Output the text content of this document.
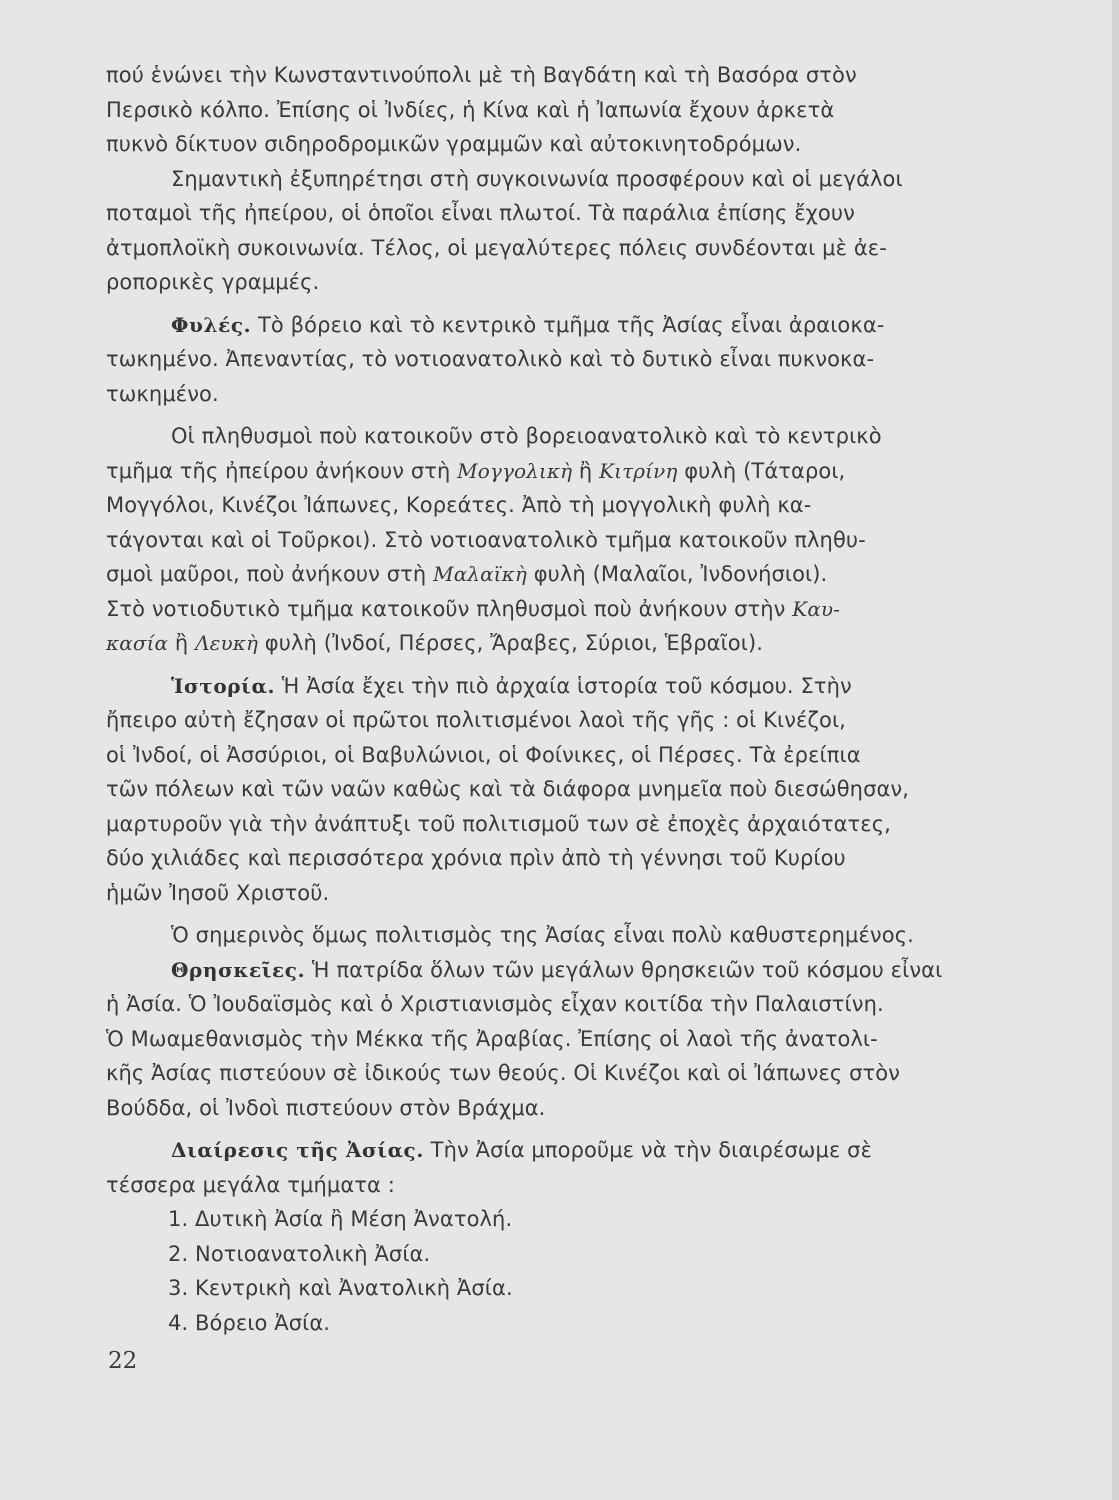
πού ἑνώνει τὴν Κωνσταντινούπολι μὲ τὴ Βαγδάτη καὶ τὴ Βασόρα στὸν
Περσικὸ κόλπο. Ἐπίσης οἱ Ἰνδίες, ἡ Κίνα καὶ ἡ Ἰαπωνία ἔχουν ἀρκετὰ
πυκνὸ δίκτυον σιδηροδρομικῶν γραμμῶν καὶ αὐτοκινητοδρόμων.
Σημαντικὴ ἐξυπηρέτησι στὴ συγκοινωνία προσφέρουν καὶ οἱ μεγάλοι
ποταμοὶ τῆς ἠπείρου, οἱ ὁποῖοι εἶναι πλωτοί. Τὰ παράλια ἐπίσης ἔχουν
ἀτμοπλοϊκὴ συκοινωνία. Τέλος, οἱ μεγαλύτερες πόλεις συνδέονται μὲ ἀε-
ροπορικὲς γραμμές.
Φυλές. Τὸ βόρειο καὶ τὸ κεντρικὸ τμῆμα τῆς Ἀσίας εἶναι ἀραιοκα-
τωκημένο. Ἀπεναντίας, τὸ νοτιοανατολικὸ καὶ τὸ δυτικὸ εἶναι πυκνοκα-
τωκημένο.
Οἱ πληθυσμοὶ ποὺ κατοικοῦν στὸ βορειοανατολικὸ καὶ τὸ κεντρικὸ
τμῆμα τῆς ἠπείρου ἀνήκουν στὴ Μογγολικὴ ἢ Κιτρίνη φυλὴ (Τάταροι,
Μογγόλοι, Κινέζοι Ἰάπωνες, Κορεάτες. Ἀπὸ τὴ μογγολικὴ φυλὴ κα-
τάγονται καὶ οἱ Τοῦρκοι). Στὸ νοτιοανατολικὸ τμῆμα κατοικοῦν πληθυ-
σμοὶ μαῦροι, ποὺ ἀνήκουν στὴ Μαλαϊκὴ φυλὴ (Μαλαῖοι, Ἰνδονήσιοι).
Στὸ νοτιοδυτικὸ τμῆμα κατοικοῦν πληθυσμοὶ ποὺ ἀνήκουν στὴν Καυ-
κασία ἢ Λευκὴ φυλὴ (Ἰνδοί, Πέρσες, Ἄραβες, Σύριοι, Ἑβραῖοι).
Ἱστορία. Ἡ Ἀσία ἔχει τὴν πιὸ ἀρχαία ἱστορία τοῦ κόσμου. Στὴν
ἤπειρο αὐτὴ ἔζησαν οἱ πρῶτοι πολιτισμένοι λαοὶ τῆς γῆς : οἱ Κινέζοι,
οἱ Ἰνδοί, οἱ Ἀσσύριοι, οἱ Βαβυλώνιοι, οἱ Φοίνικες, οἱ Πέρσες. Τὰ ἐρείπια
τῶν πόλεων καὶ τῶν ναῶν καθὼς καὶ τὰ διάφορα μνημεῖα ποὺ διεσώθησαν,
μαρτυροῦν γιὰ τὴν ἀνάπτυξι τοῦ πολιτισμοῦ των σὲ ἐποχὲς ἀρχαιότατες,
δύο χιλιάδες καὶ περισσότερα χρόνια πρὶν ἀπὸ τὴ γέννησι τοῦ Κυρίου
ἡμῶν Ἰησοῦ Χριστοῦ.
Ὁ σημερινὸς ὅμως πολιτισμὸς της Ἀσίας εἶναι πολὺ καθυστερημένος.
Θρησκεῖες. Ἡ πατρίδα ὅλων τῶν μεγάλων θρησκειῶν τοῦ κόσμου εἶναι
ἡ Ἀσία. Ὁ Ἰουδαϊσμὸς καὶ ὁ Χριστιανισμὸς εἶχαν κοιτίδα τὴν Παλαιστίνη.
Ὁ Μωαμεθανισμὸς τὴν Μέκκα τῆς Ἀραβίας. Ἐπίσης οἱ λαοὶ τῆς ἀνατολι-
κῆς Ἀσίας πιστεύουν σὲ ἰδικούς των θεούς. Οἱ Κινέζοι καὶ οἱ Ἰάπωνες στὸν
Βούδδα, οἱ Ἰνδοὶ πιστεύουν στὸν Βράχμα.
Διαίρεσις τῆς Ἀσίας. Τὴν Ἀσία μποροῦμε νὰ τὴν διαιρέσωμε σὲ
τέσσερα μεγάλα τμήματα :
1. Δυτικὴ Ἀσία ἢ Μέση Ἀνατολή.
2. Νοτιοανατολικὴ Ἀσία.
3. Κεντρικὴ καὶ Ἀνατολικὴ Ἀσία.
4. Βόρειο Ἀσία.
22
